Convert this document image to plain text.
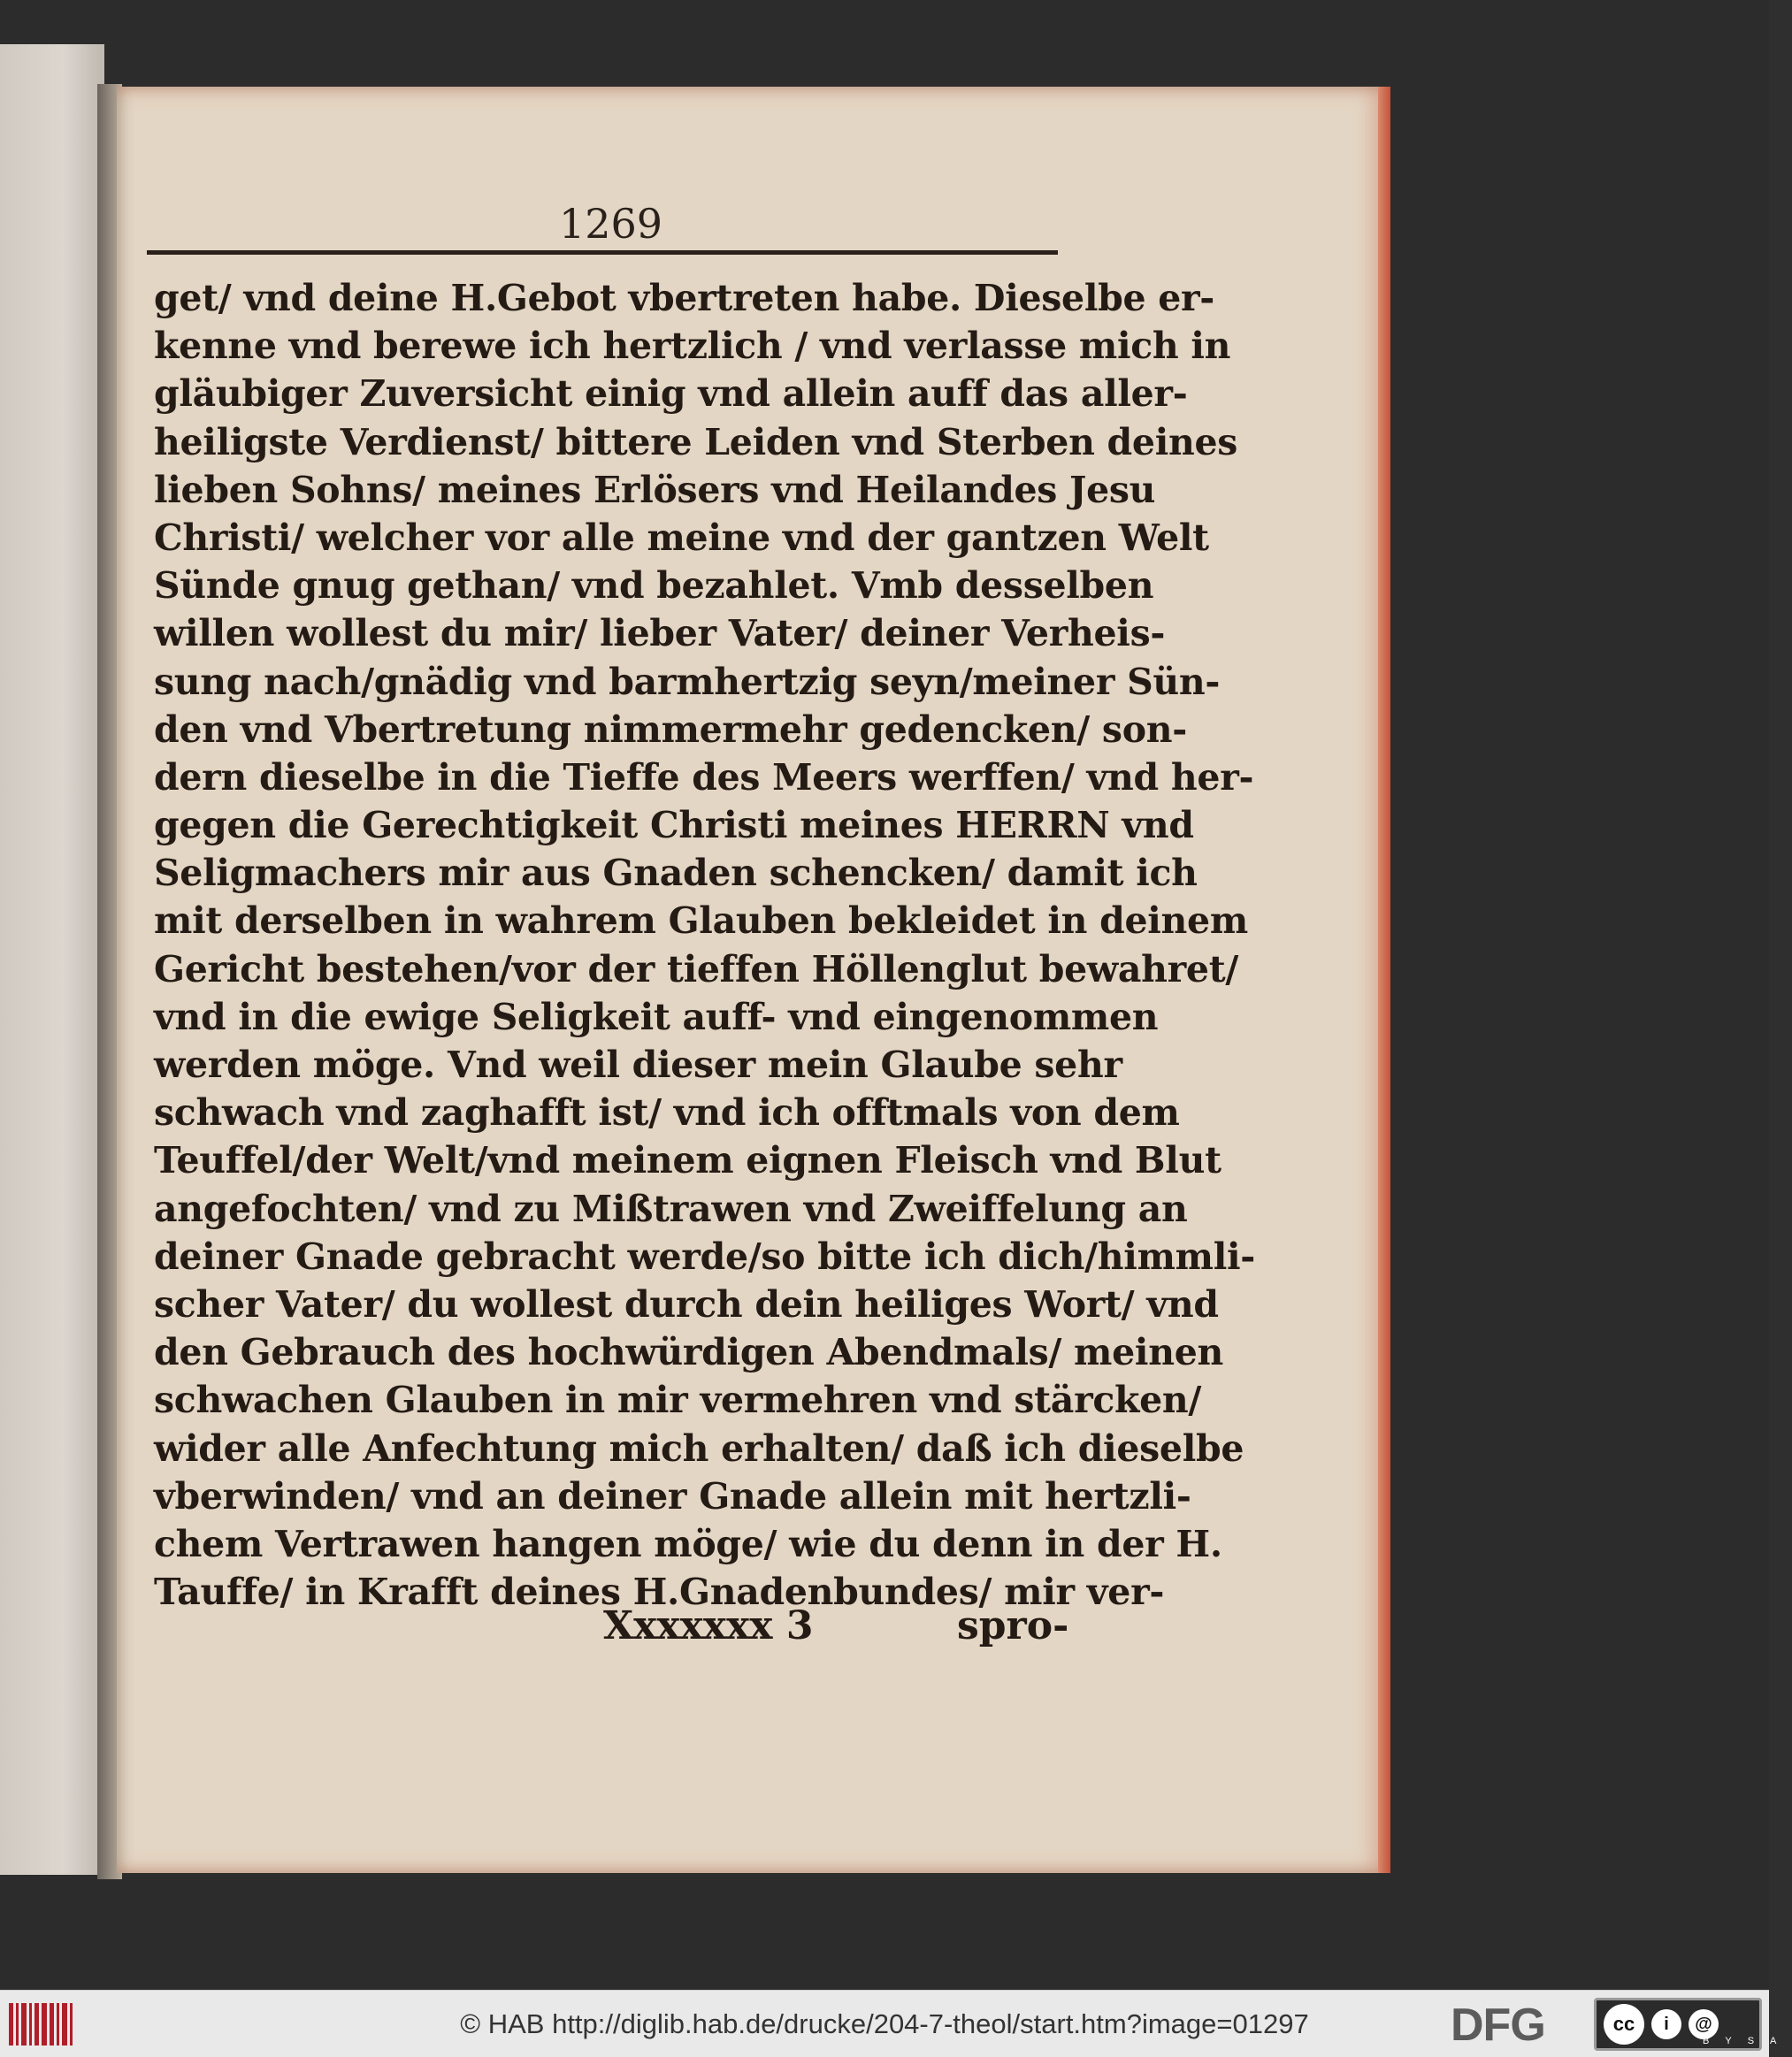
1269
get/ vnd deine H.Gebot vbertreten habe. Dieselbe er-
kenne vnd berewe ich hertzlich / vnd verlasse mich in
gläubiger Zuversicht einig vnd allein auff das aller-
heiligste Verdienst/ bittere Leiden vnd Sterben deines
lieben Sohns/ meines Erlösers vnd Heilandes Jesu
Christi/ welcher vor alle meine vnd der gantzen Welt
Sünde gnug gethan/ vnd bezahlet. Vmb desselben
willen wollest du mir/ lieber Vater/ deiner Verheis-
sung nach/gnädig vnd barmhertzig seyn/meiner Sün-
den vnd Vbertretung nimmermehr gedencken/ son-
dern dieselbe in die Tieffe des Meers werffen/ vnd her-
gegen die Gerechtigkeit Christi meines HERRN vnd
Seligmachers mir aus Gnaden schencken/ damit ich
mit derselben in wahrem Glauben bekleidet in deinem
Gericht bestehen/vor der tieffen Höllenglut bewahret/
vnd in die ewige Seligkeit auff- vnd eingenommen
werden möge. Vnd weil dieser mein Glaube sehr
schwach vnd zaghafft ist/ vnd ich offtmals von dem
Teuffel/der Welt/vnd meinem eignen Fleisch vnd Blut
angefochten/ vnd zu Mißtrawen vnd Zweiffelung an
deiner Gnade gebracht werde/so bitte ich dich/himmli-
scher Vater/ du wollest durch dein heiliges Wort/ vnd
den Gebrauch des hochwürdigen Abendmals/ meinen
schwachen Glauben in mir vermehren vnd stärcken/
wider alle Anfechtung mich erhalten/ daß ich dieselbe
vberwinden/ vnd an deiner Gnade allein mit hertzli-
chem Vertrawen hangen möge/ wie du denn in der H.
Tauffe/ in Krafft deines H.Gnadenbundes/ mir ver-
Xxxxxxx 3	spro-
© HAB http://diglib.hab.de/drucke/204-7-theol/start.htm?image=01297	DFG	cc	i	@
BYSA
